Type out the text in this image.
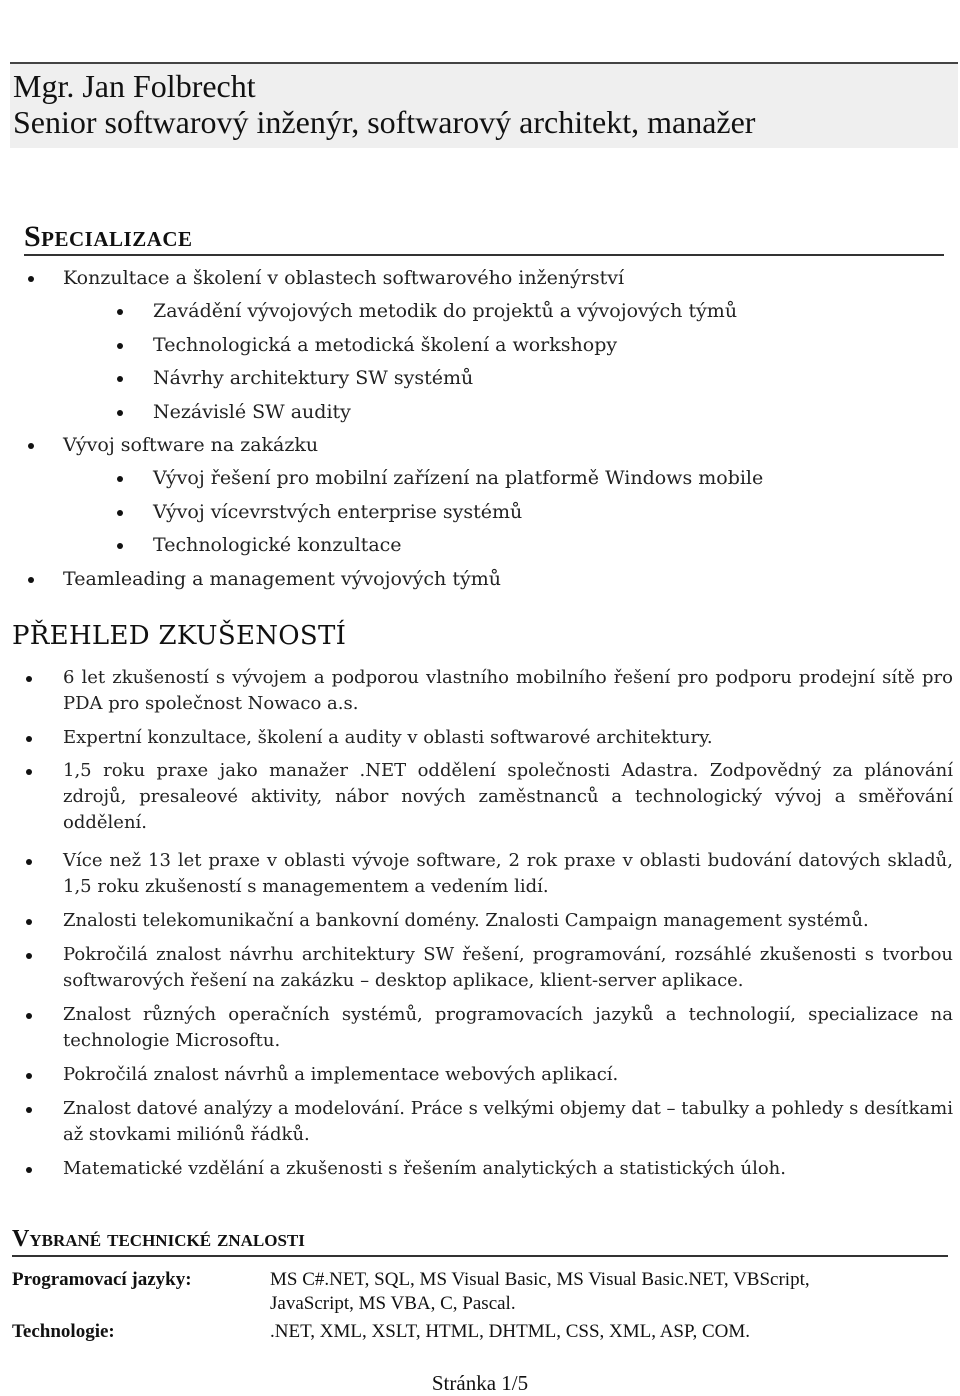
Mgr. Jan Folbrecht
Senior softwarový inženýr, softwarový architekt, manažer
Specializace
Konzultace a školení v oblastech softwarového inženýrství
Zavádění vývojových metodik do projektů a vývojových týmů
Technologická a metodická školení a workshopy
Návrhy architektury SW systémů
Nezávislé SW audity
Vývoj software na zakázku
Vývoj řešení pro mobilní zařízení na platformě Windows mobile
Vývoj vícevrstvých enterprise systémů
Technologické konzultace
Teamleading a management vývojových týmů
PŘEHLED ZKUŠENOSTÍ
6 let zkušeností s vývojem a podporou vlastního mobilního řešení pro podporu prodejní sítě pro PDA pro společnost Nowaco a.s.
Expertní konzultace, školení a audity v oblasti softwarové architektury.
1,5 roku praxe jako manažer .NET oddělení společnosti Adastra. Zodpovědný za plánování zdrojů, presaleové aktivity, nábor nových zaměstnanců a technologický vývoj a směřování oddělení.
Více než 13 let praxe v oblasti vývoje software, 2 rok praxe v oblasti budování datových skladů, 1,5 roku zkušeností s managementem a vedením lidí.
Znalosti telekomunikační a bankovní domény. Znalosti Campaign management systémů.
Pokročilá znalost návrhu architektury SW řešení, programování, rozsáhlé zkušenosti s tvorbou softwarových řešení na zakázku – desktop aplikace, klient-server aplikace.
Znalost různých operačních systémů, programovacích jazyků a technologií, specializace na technologie Microsoftu.
Pokročilá znalost návrhů a implementace webových aplikací.
Znalost datové analýzy a modelování. Práce s velkými objemy dat – tabulky a pohledy s desítkami až stovkami miliónů řádků.
Matematické vzdělání a zkušenosti s řešením analytických a statistických úloh.
Vybrané technické znalosti
Programovací jazyky:	MS C#.NET, SQL, MS Visual Basic, MS Visual Basic.NET, VBScript, JavaScript, MS VBA, C, Pascal.
Technologie:	.NET, XML, XSLT, HTML, DHTML, CSS, XML, ASP, COM.
Stránka 1/5
